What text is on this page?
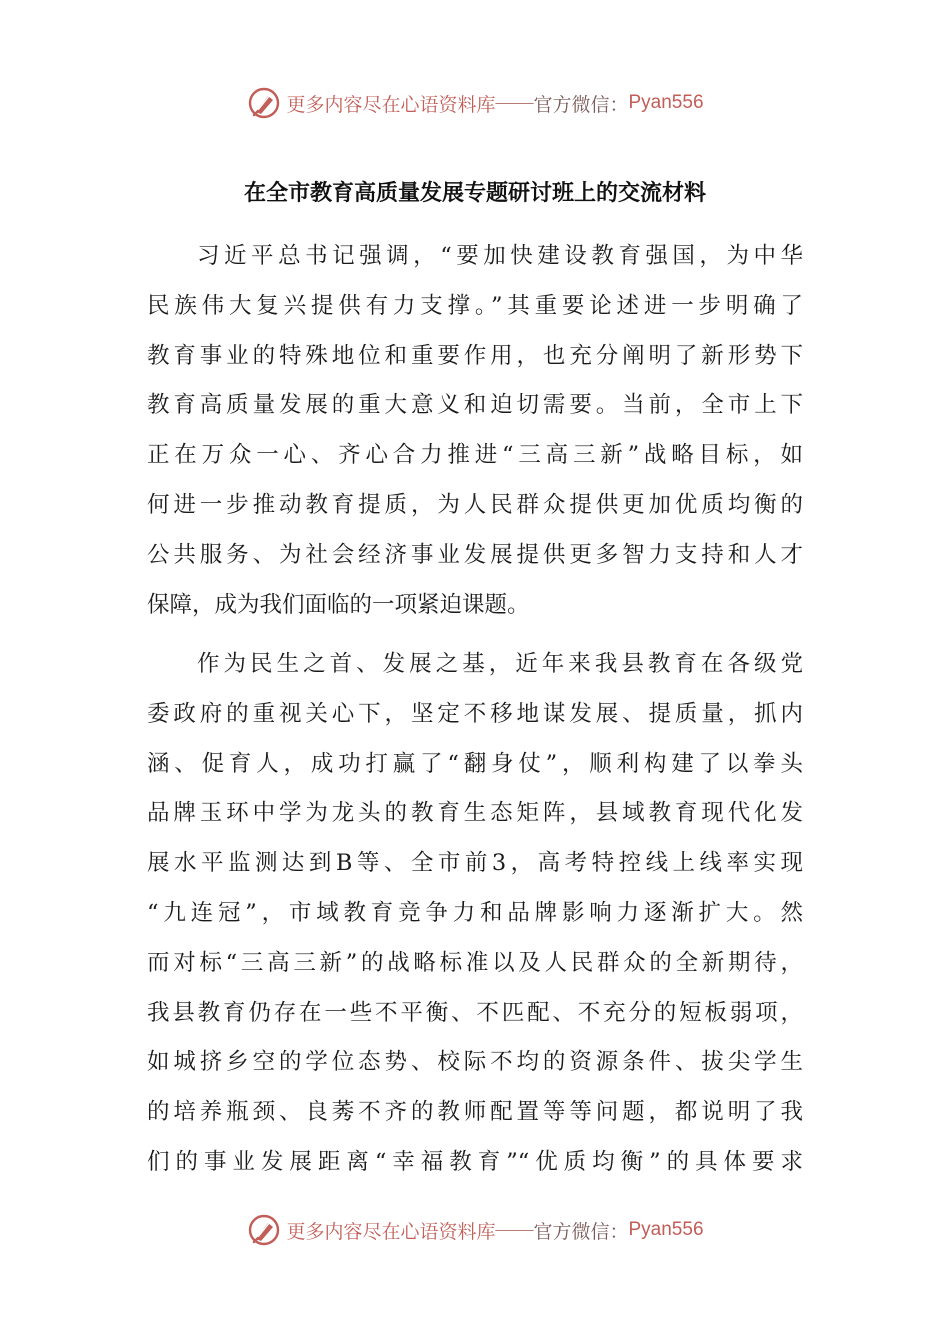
更多内容尽在心语资料库 —— 官方微信： Pyan556
在全市教育高质量发展专题研讨班上的交流材料
习近平总书记强调，“要加快建设教育强国，为中华
民族伟大复兴提供有力支撑。”其重要论述进一步明确了
教育事业的特殊地位和重要作用，也充分阐明了新形势下
教育高质量发展的重大意义和迫切需要。当前，全市上下
正在万众一心、齐心合力推进“三高三新”战略目标，如
何进一步推动教育提质，为人民群众提供更加优质均衡的
公共服务、为社会经济事业发展提供更多智力支持和人才
保障，成为我们面临的一项紧迫课题。
作为民生之首、发展之基，近年来我县教育在各级党
委政府的重视关心下，坚定不移地谋发展、提质量，抓内
涵、促育人，成功打赢了“翻身仗”，顺利构建了以拳头
品牌玉环中学为龙头的教育生态矩阵，县域教育现代化发
展水平监测达到B等、全市前3，高考特控线上线率实现
“九连冠”，市域教育竞争力和品牌影响力逐渐扩大。然
而对标“三高三新”的战略标准以及人民群众的全新期待，
我县教育仍存在一些不平衡、不匹配、不充分的短板弱项，
如城挤乡空的学位态势、校际不均的资源条件、拔尖学生
的培养瓶颈、良莠不齐的教师配置等等问题，都说明了我
们的事业发展距离“幸福教育”“优质均衡”的具体要求
更多内容尽在心语资料库 —— 官方微信： Pyan556
